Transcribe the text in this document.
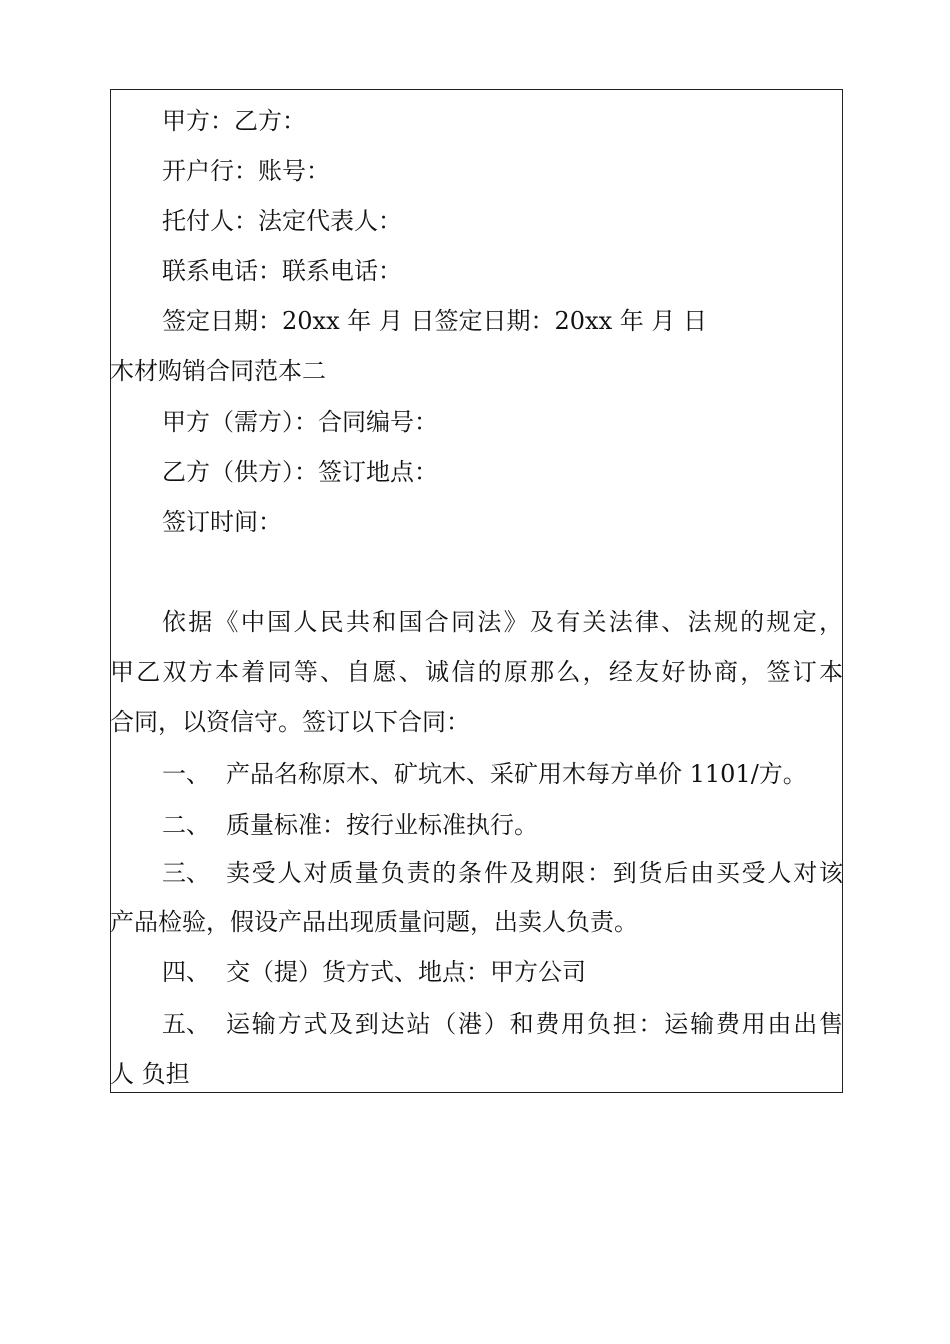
甲方：乙方：
开户行：账号：
托付人：法定代表人：
联系电话：联系电话：
签定日期：20xx 年 月 日签定日期：20xx 年 月 日
木材购销合同范本二
甲方（需方）：合同编号：
乙方（供方）：签订地点：
签订时间：
依据《中国人民共和国合同法》及有关法律、法规的规定，
甲乙双方本着同等、自愿、诚信的原那么，经友好协商，签订本
合同，以资信守。签订以下合同：
一、 产品名称原木、矿坑木、采矿用木每方单价 1101/方。
二、 质量标准：按行业标准执行。
三、 卖受人对质量负责的条件及期限：到货后由买受人对该
产品检验，假设产品出现质量问题，出卖人负责。
四、 交（提）货方式、地点：甲方公司
五、 运输方式及到达站（港）和费用负担：运输费用由出售
人 负担
